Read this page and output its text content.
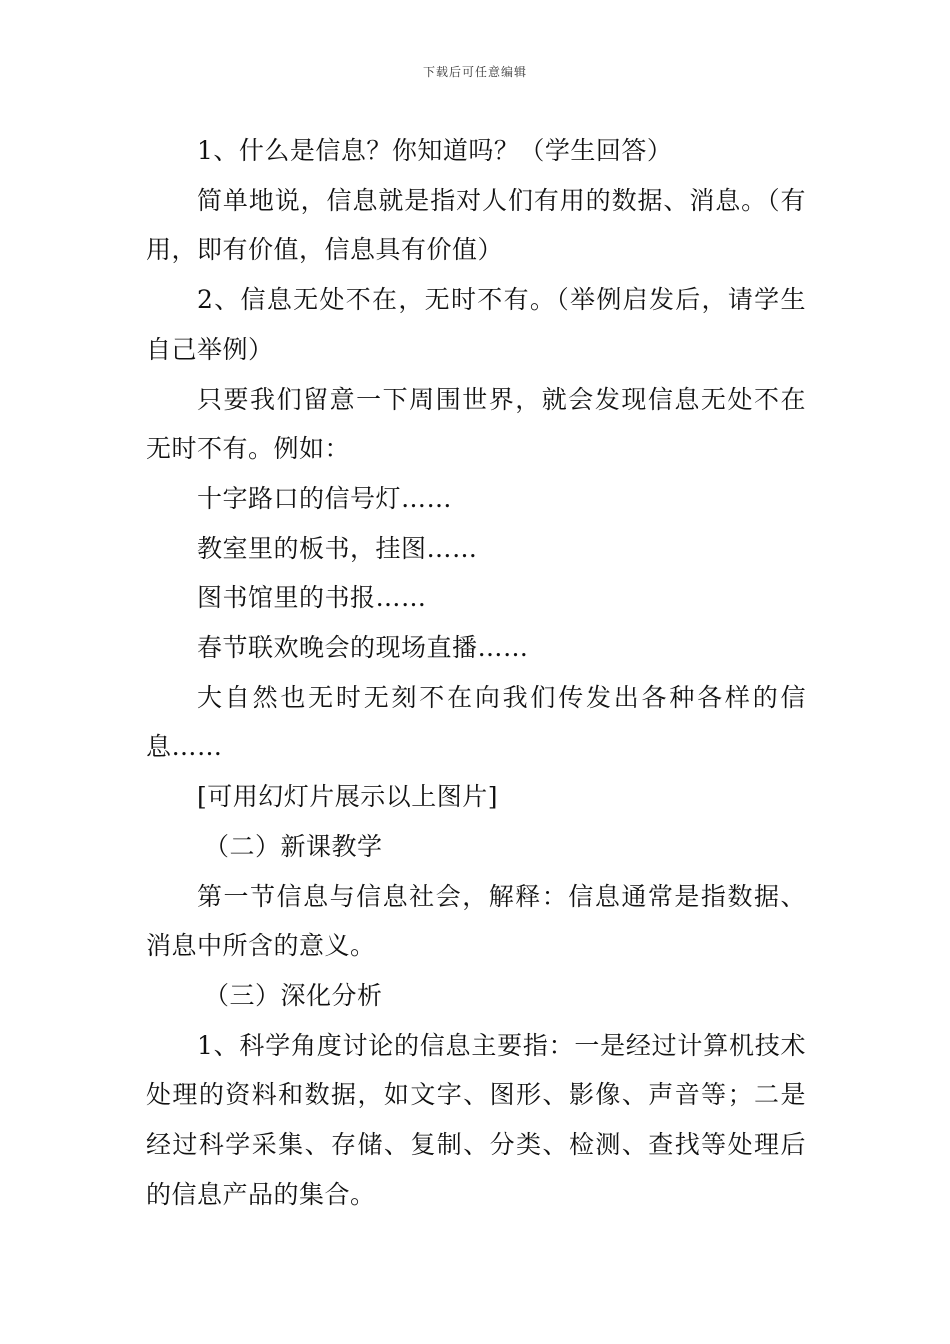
下载后可任意编辑

1、什么是信息？你知道吗？（学生回答）

简单地说，信息就是指对人们有用的数据、消息。（有用，即有价值，信息具有价值）

2、信息无处不在，无时不有。（举例启发后，请学生自己举例）

只要我们留意一下周围世界，就会发现信息无处不在无时不有。例如：

十字路口的信号灯……

教室里的板书，挂图……

图书馆里的书报……

春节联欢晚会的现场直播……

大自然也无时无刻不在向我们传发出各种各样的信息……

[可用幻灯片展示以上图片]

（二）新课教学

第一节信息与信息社会，解释：信息通常是指数据、消息中所含的意义。

（三）深化分析

1、科学角度讨论的信息主要指：一是经过计算机技术处理的资料和数据，如文字、图形、影像、声音等；二是经过科学采集、存储、复制、分类、检测、查找等处理后的信息产品的集合。
